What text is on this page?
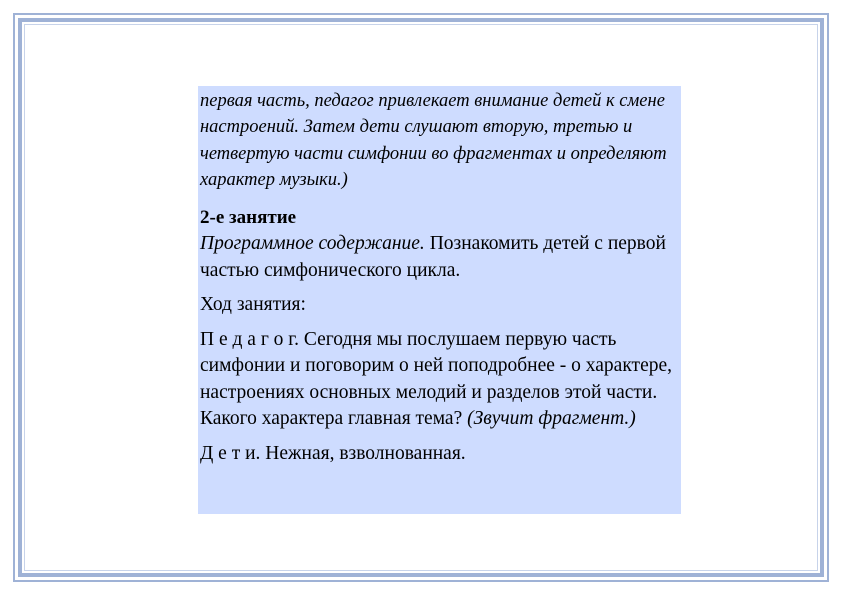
первая часть, педагог привлекает внимание детей к смене настроений. Затем дети слушают вторую, третью и четвертую части симфонии во фрагментах и определяют характер музыки.)

2-е занятие

Программное содержание. Познакомить детей с первой частью симфонического цикла.

Ход занятия:

П е д а г о г. Сегодня мы послушаем первую часть симфонии и поговорим о ней поподробнее - о характере, настроениях основных мелодий и разделов этой части. Какого характера главная тема? (Звучит фрагмент.)

Д е т и. Нежная, взволнованная.
